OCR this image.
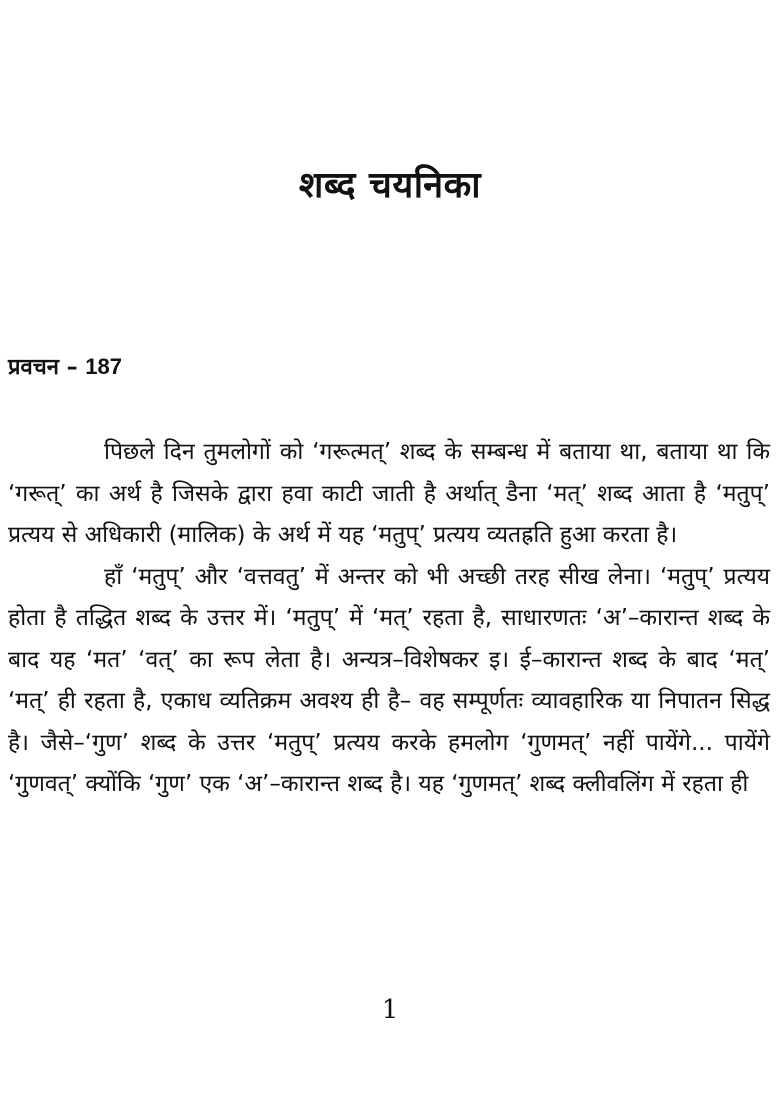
शब्द चयनिका
प्रवचन – 187

पिछले दिन तुमलोगों को ‘गरूत्मत्’ शब्द के सम्बन्ध में बताया था, बताया था कि ‘गरूत्’ का अर्थ है जिसके द्वारा हवा काटी जाती है अर्थात् डैना ‘मत्’ शब्द आता है ‘मतुप्’ प्रत्यय से अधिकारी (मालिक) के अर्थ में यह ‘मतुप्’ प्रत्यय व्यतह्रति हुआ करता है।

हाँ ‘मतुप्’ और ‘वत्तवतु’ में अन्तर को भी अच्छी तरह सीख लेना। ‘मतुप्’ प्रत्यय होता है तद्धित शब्द के उत्तर में। ‘मतुप्’ में ‘मत्’ रहता है, साधारणतः ‘अ’–कारान्त शब्द के बाद यह ‘मत’ ‘वत्’ का रूप लेता है। अन्यत्र–विशेषकर इ। ई–कारान्त शब्द के बाद ‘मत्’ ‘मत्’ ही रहता है, एकाध व्यतिक्रम अवश्य ही है– वह सम्पूर्णतः व्यावहारिक या निपातन सिद्ध है। जैसे–‘गुण’ शब्द के उत्तर ‘मतुप्’ प्रत्यय करके हमलोग ‘गुणमत्’ नहीं पायेंगे... पायेंगे ‘गुणवत्’ क्योंकि ‘गुण’ एक ‘अ’–कारान्त शब्द है। यह ‘गुणमत्’ शब्द क्लीवलिंग में रहता ही

1
